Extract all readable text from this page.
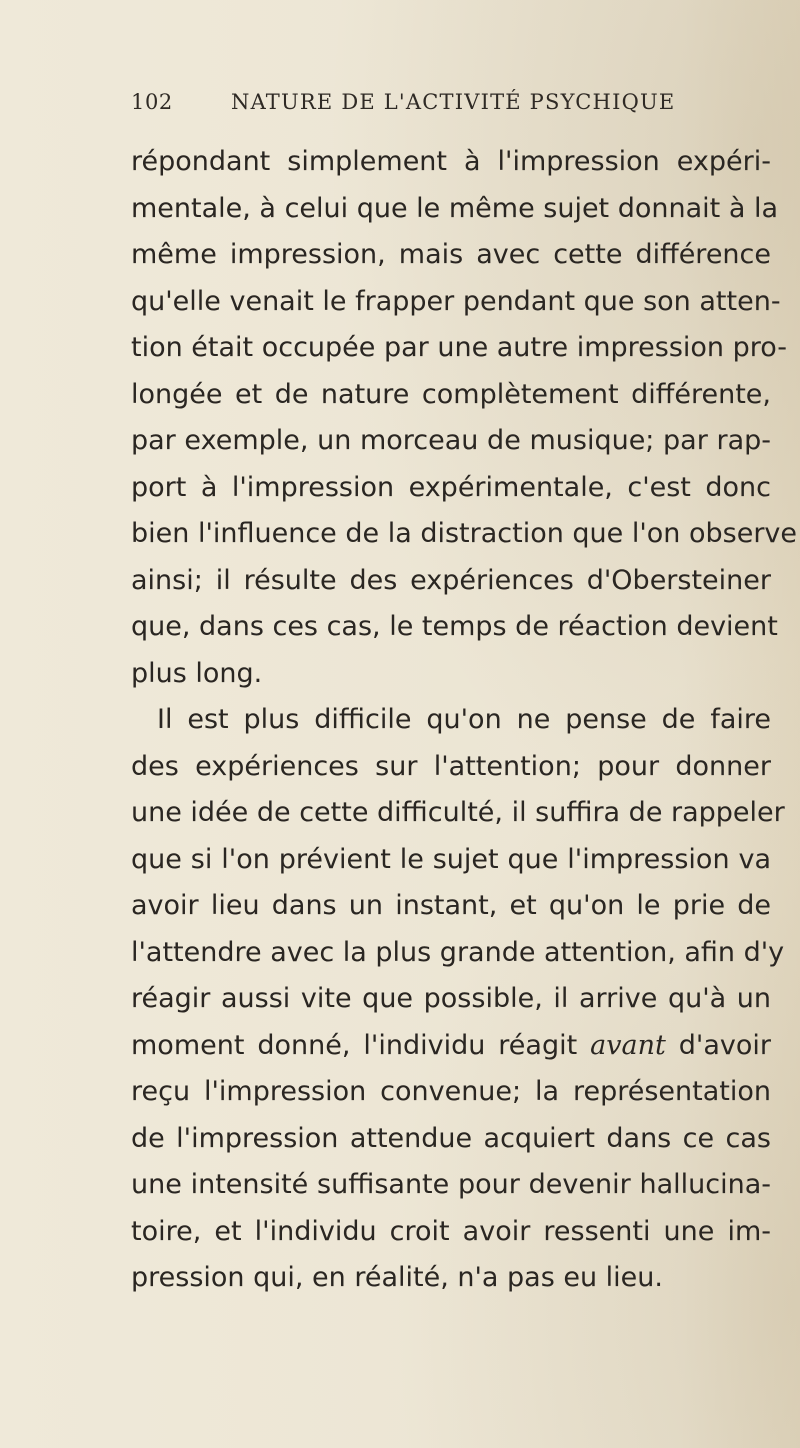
102	NATURE DE L'ACTIVITÉ PSYCHIQUE
répondant simplement à l'impression expéri-
mentale, à celui que le même sujet donnait à la
même impression, mais avec cette différence
qu'elle venait le frapper pendant que son atten-
tion était occupée par une autre impression pro-
longée et de nature complètement différente,
par exemple, un morceau de musique; par rap-
port à l'impression expérimentale, c'est donc
bien l'influence de la distraction que l'on observe
ainsi; il résulte des expériences d'Obersteiner
que, dans ces cas, le temps de réaction devient
plus long.
Il est plus difficile qu'on ne pense de faire
des expériences sur l'attention; pour donner
une idée de cette difficulté, il suffira de rappeler
que si l'on prévient le sujet que l'impression va
avoir lieu dans un instant, et qu'on le prie de
l'attendre avec la plus grande attention, afin d'y
réagir aussi vite que possible, il arrive qu'à un
moment donné, l'individu réagit avant d'avoir
reçu l'impression convenue; la représentation
de l'impression attendue acquiert dans ce cas
une intensité suffisante pour devenir hallucina-
toire, et l'individu croit avoir ressenti une im-
pression qui, en réalité, n'a pas eu lieu.
